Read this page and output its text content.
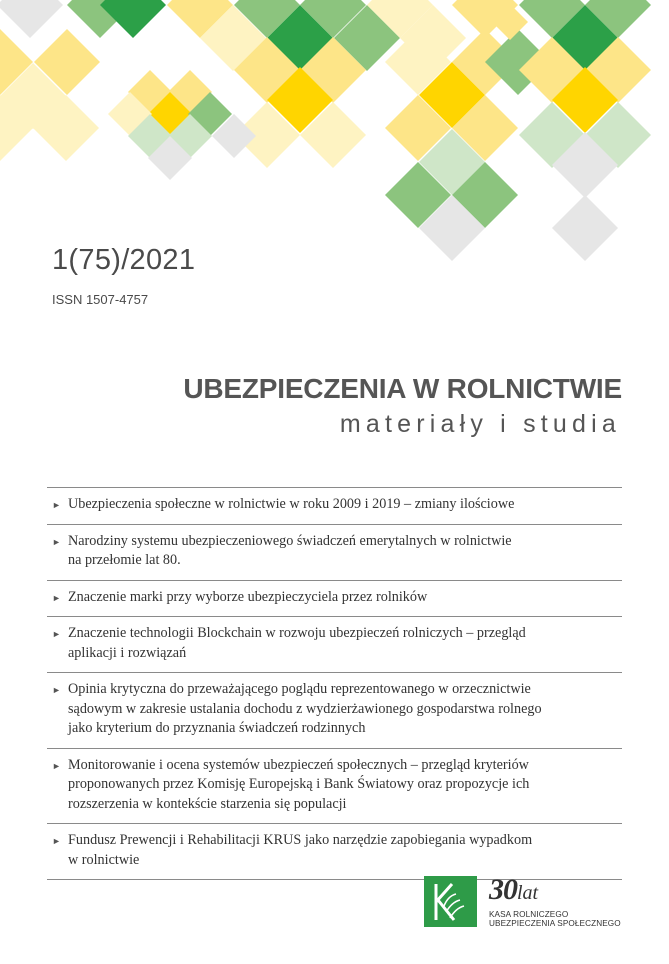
1(75)/2021
ISSN 1507-4757
UBEZPIECZENIA W ROLNICTWIE
materiały i studia
► Ubezpieczenia społeczne w rolnictwie w roku 2009 i 2019 – zmiany ilościowe
► Narodziny systemu ubezpieczeniowego świadczeń emerytalnych w rolnictwie
na przełomie lat 80.
► Znaczenie marki przy wyborze ubezpieczyciela przez rolników
► Znaczenie technologii Blockchain w rozwoju ubezpieczeń rolniczych – przegląd
aplikacji i rozwiązań
► Opinia krytyczna do przeważającego poglądu reprezentowanego w orzecznictwie
sądowym w zakresie ustalania dochodu z wydzierżawionego gospodarstwa rolnego
jako kryterium do przyznania świadczeń rodzinnych
► Monitorowanie i ocena systemów ubezpieczeń społecznych – przegląd kryteriów
proponowanych przez Komisję Europejską i Bank Światowy oraz propozycje ich
rozszerzenia w kontekście starzenia się populacji
► Fundusz Prewencji i Rehabilitacji KRUS jako narzędzie zapobiegania wypadkom
w rolnictwie
30lat
KASA ROLNICZEGO
UBEZPIECZENIA SPOŁECZNEGO
